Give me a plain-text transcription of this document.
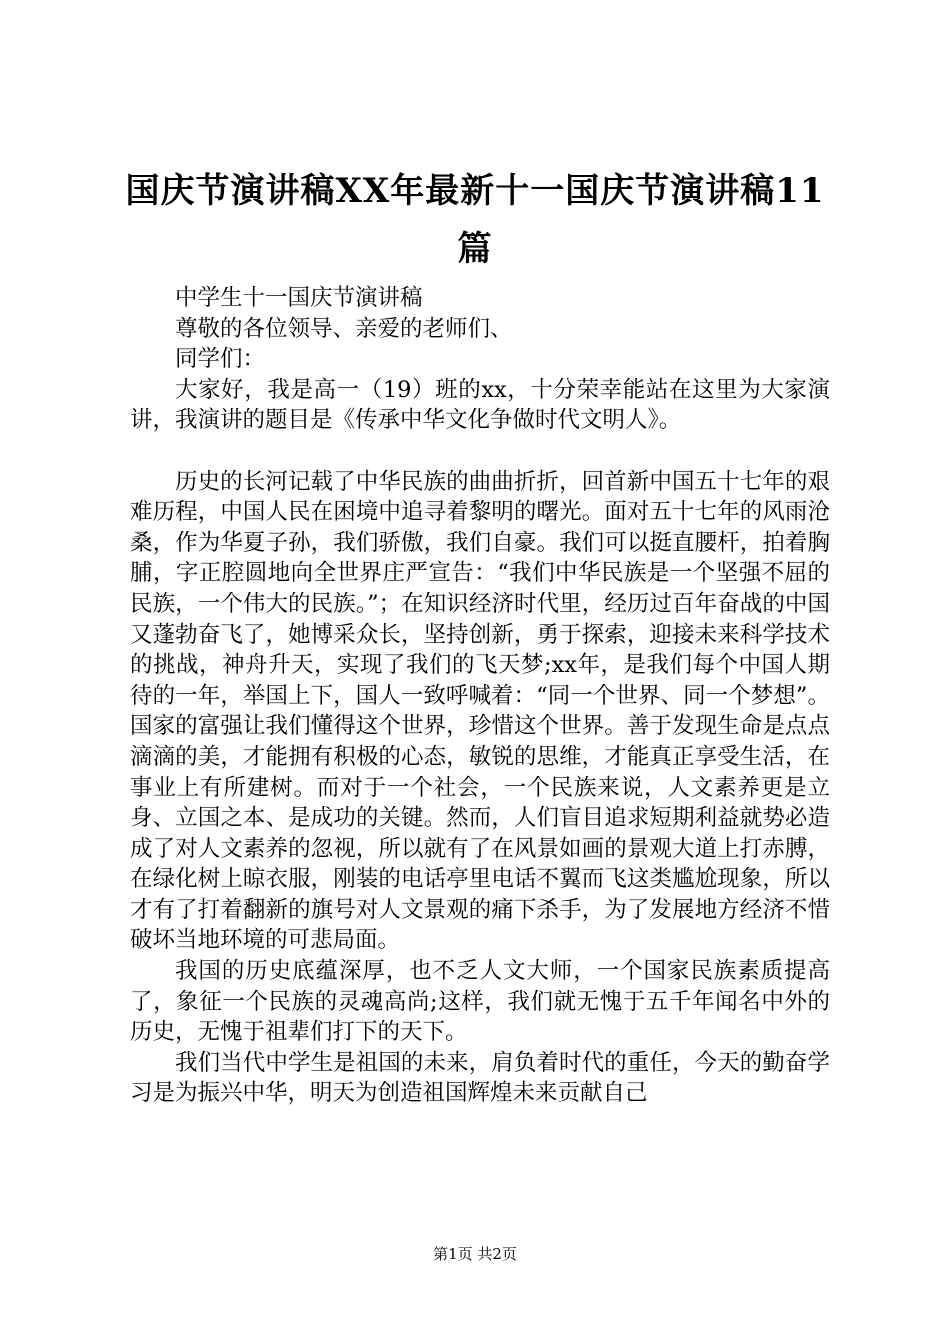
国庆节演讲稿XX年最新十一国庆节演讲稿11篇

中学生十一国庆节演讲稿

尊敬的各位领导、亲爱的老师们、

同学们：

大家好，我是高一（19）班的xx，十分荣幸能站在这里为大家演讲，我演讲的题目是《传承中华文化争做时代文明人》。

历史的长河记载了中华民族的曲曲折折，回首新中国五十七年的艰难历程，中国人民在困境中追寻着黎明的曙光。面对五十七年的风雨沧桑，作为华夏子孙，我们骄傲，我们自豪。我们可以挺直腰杆，拍着胸脯，字正腔圆地向全世界庄严宣告：“我们中华民族是一个坚强不屈的民族，一个伟大的民族。”；在知识经济时代里，经历过百年奋战的中国又蓬勃奋飞了，她博采众长，坚持创新，勇于探索，迎接未来科学技术的挑战，神舟升天，实现了我们的飞天梦;xx年，是我们每个中国人期待的一年，举国上下，国人一致呼喊着：“同一个世界、同一个梦想”。国家的富强让我们懂得这个世界，珍惜这个世界。善于发现生命是点点滴滴的美，才能拥有积极的心态，敏锐的思维，才能真正享受生活，在事业上有所建树。而对于一个社会，一个民族来说，人文素养更是立身、立国之本、是成功的关键。然而，人们盲目追求短期利益就势必造成了对人文素养的忽视，所以就有了在风景如画的景观大道上打赤膊，在绿化树上晾衣服，刚装的电话亭里电话不翼而飞这类尴尬现象，所以才有了打着翻新的旗号对人文景观的痛下杀手，为了发展地方经济不惜破坏当地环境的可悲局面。

我国的历史底蕴深厚，也不乏人文大师，一个国家民族素质提高了，象征一个民族的灵魂高尚;这样，我们就无愧于五千年闻名中外的历史，无愧于祖辈们打下的天下。

我们当代中学生是祖国的未来，肩负着时代的重任，今天的勤奋学习是为振兴中华，明天为创造祖国辉煌未来贡献自己

第1页 共2页
